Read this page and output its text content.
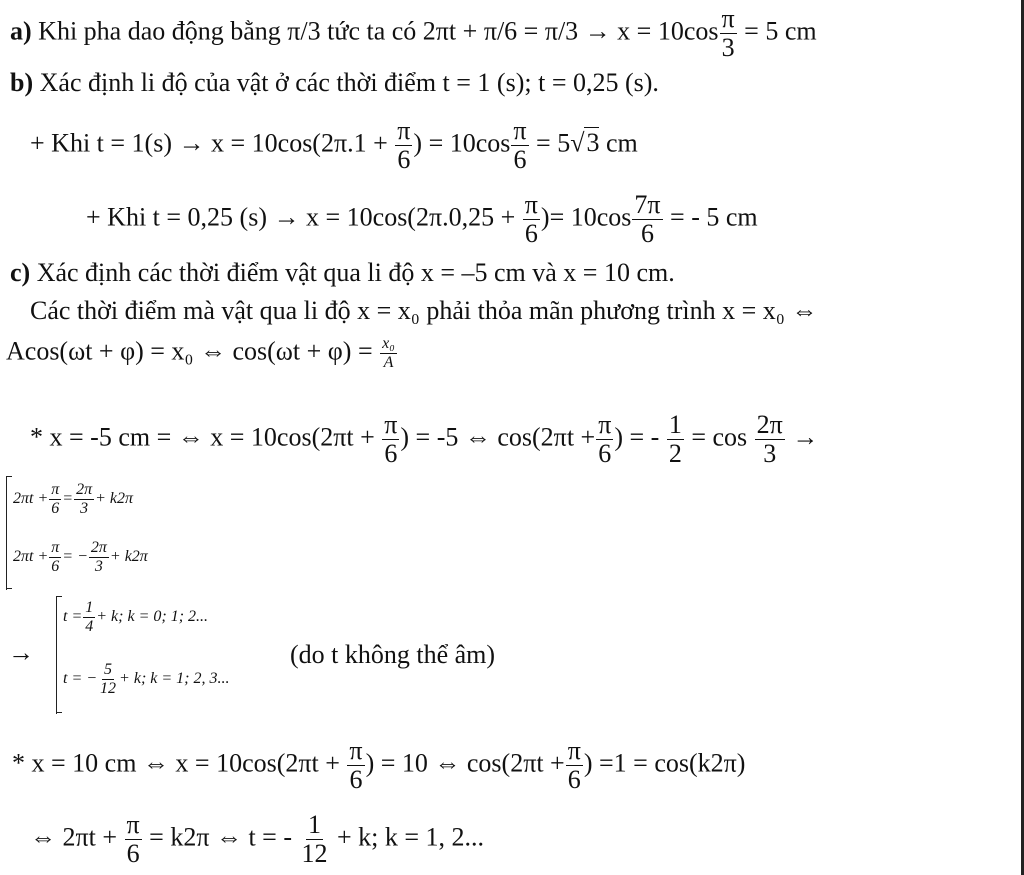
a) Khi pha dao động bằng π/3 tức ta có $2\pi t + \pi/6 = \pi/3 \to x = 10\cos \frac{\pi}{3} = 5$ cm
b) Xác định li độ của vật ở các thời điểm t = 1 (s); t = 0,25 (s).
+ Khi $t = 1(s) \to x = 10\cos(2\pi.1 + \frac{\pi}{6}$ ) = $10\cos \frac{\pi}{6} = 5√3$ cm
+ Khi t = 0,25 $(s) \to x = 10\cos(2\pi.0,25 + \frac{\pi}{6}$ )= $10\cos \frac{7\pi}{6}$ = - 5 cm
c) Xác định các thời điểm vật qua li độ x = –5 cm và x = 10 cm.
Các thời điểm mà vật qua li độ x = x₀ phải thỏa mãn phương trình x = x₀ ⇔
Acos(ωt + φ) = x₀ ⇔ $\cos(\omega t + \varphi) = \frac{\text{x₀}}{A}$
* x = -5 cm = ⇔ $x = 10\cos(2\pi t + \frac{\pi}{6}$ ) = -5 ⇔ $\cos(2\pi t + \frac{\pi}{6}$ ) = - $\frac{1}{2} = \cos \frac{2\pi}{3}$ →
$2\pi t + \frac{\pi}{6} = \frac{2\pi}{3} + k2\pi$
$2\pi t + \frac{\pi}{6}$ = − $\frac{2\pi}{3} + k2\pi$
→
$t = \frac{1}{4} + k$; k = 0; 1; 2...
t = − $\frac{5}{12} + k$; k = 1; 2, 3...
(do t không thể âm)
* x = 10 cm ⇔ $x = 10\cos(2\pi t + \frac{\pi}{6}$ ) = 10 ⇔ $\cos(2\pi t + \frac{\pi}{6}$ ) =1 = cos(k2π)
⇔ $2\pi t + \frac{\pi}{6} = k2\pi$ ⇔ t = - $\frac{1}{12} + k$; k = 1, 2...
